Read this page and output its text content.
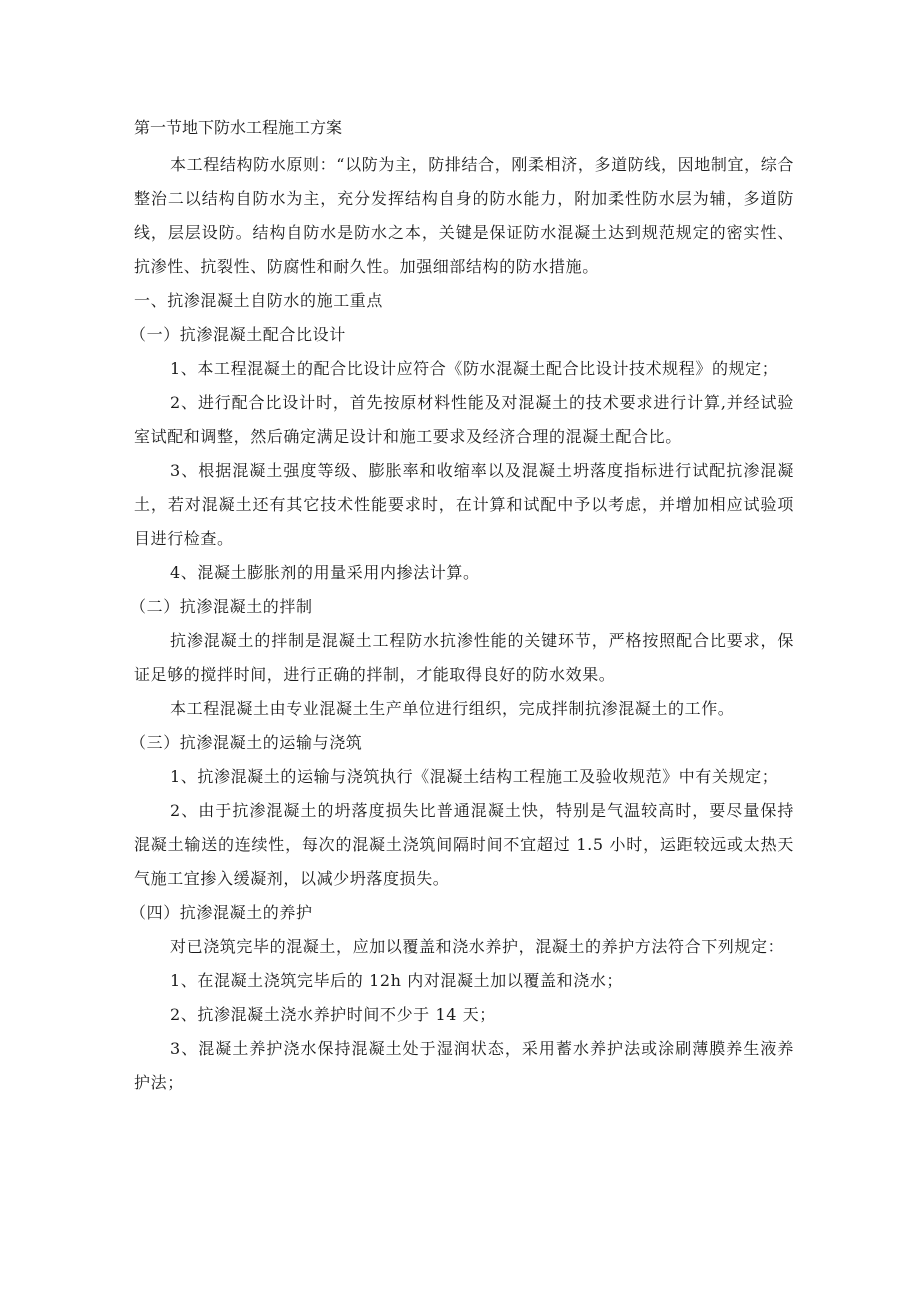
第一节地下防水工程施工方案

本工程结构防水原则：“以防为主，防排结合，刚柔相济，多道防线，因地制宜，综合整治二以结构自防水为主，充分发挥结构自身的防水能力，附加柔性防水层为辅，多道防线，层层设防。结构自防水是防水之本，关键是保证防水混凝土达到规范规定的密实性、抗渗性、抗裂性、防腐性和耐久性。加强细部结构的防水措施。

一、抗渗混凝土自防水的施工重点

（一）抗渗混凝土配合比设计

1、本工程混凝土的配合比设计应符合《防水混凝土配合比设计技术规程》的规定；

2、进行配合比设计时，首先按原材料性能及对混凝土的技术要求进行计算,并经试验室试配和调整，然后确定满足设计和施工要求及经济合理的混凝土配合比。

3、根据混凝土强度等级、膨胀率和收缩率以及混凝土坍落度指标进行试配抗渗混凝土，若对混凝土还有其它技术性能要求时，在计算和试配中予以考虑，并增加相应试验项目进行检查。

4、混凝土膨胀剂的用量采用内掺法计算。

（二）抗渗混凝土的拌制

抗渗混凝土的拌制是混凝土工程防水抗渗性能的关键环节，严格按照配合比要求，保证足够的搅拌时间，进行正确的拌制，才能取得良好的防水效果。

本工程混凝土由专业混凝土生产单位进行组织，完成拌制抗渗混凝土的工作。

（三）抗渗混凝土的运输与浇筑

1、抗渗混凝土的运输与浇筑执行《混凝土结构工程施工及验收规范》中有关规定；

2、由于抗渗混凝土的坍落度损失比普通混凝土快，特别是气温较高时，要尽量保持混凝土输送的连续性，每次的混凝土浇筑间隔时间不宜超过 1.5 小时，运距较远或太热天气施工宜掺入缓凝剂，以减少坍落度损失。

（四）抗渗混凝土的养护

对已浇筑完毕的混凝土，应加以覆盖和浇水养护，混凝土的养护方法符合下列规定：

1、在混凝土浇筑完毕后的 12h 内对混凝土加以覆盖和浇水；

2、抗渗混凝土浇水养护时间不少于 14 天；

3、混凝土养护浇水保持混凝土处于湿润状态，采用蓄水养护法或涂刷薄膜养生液养护法；
